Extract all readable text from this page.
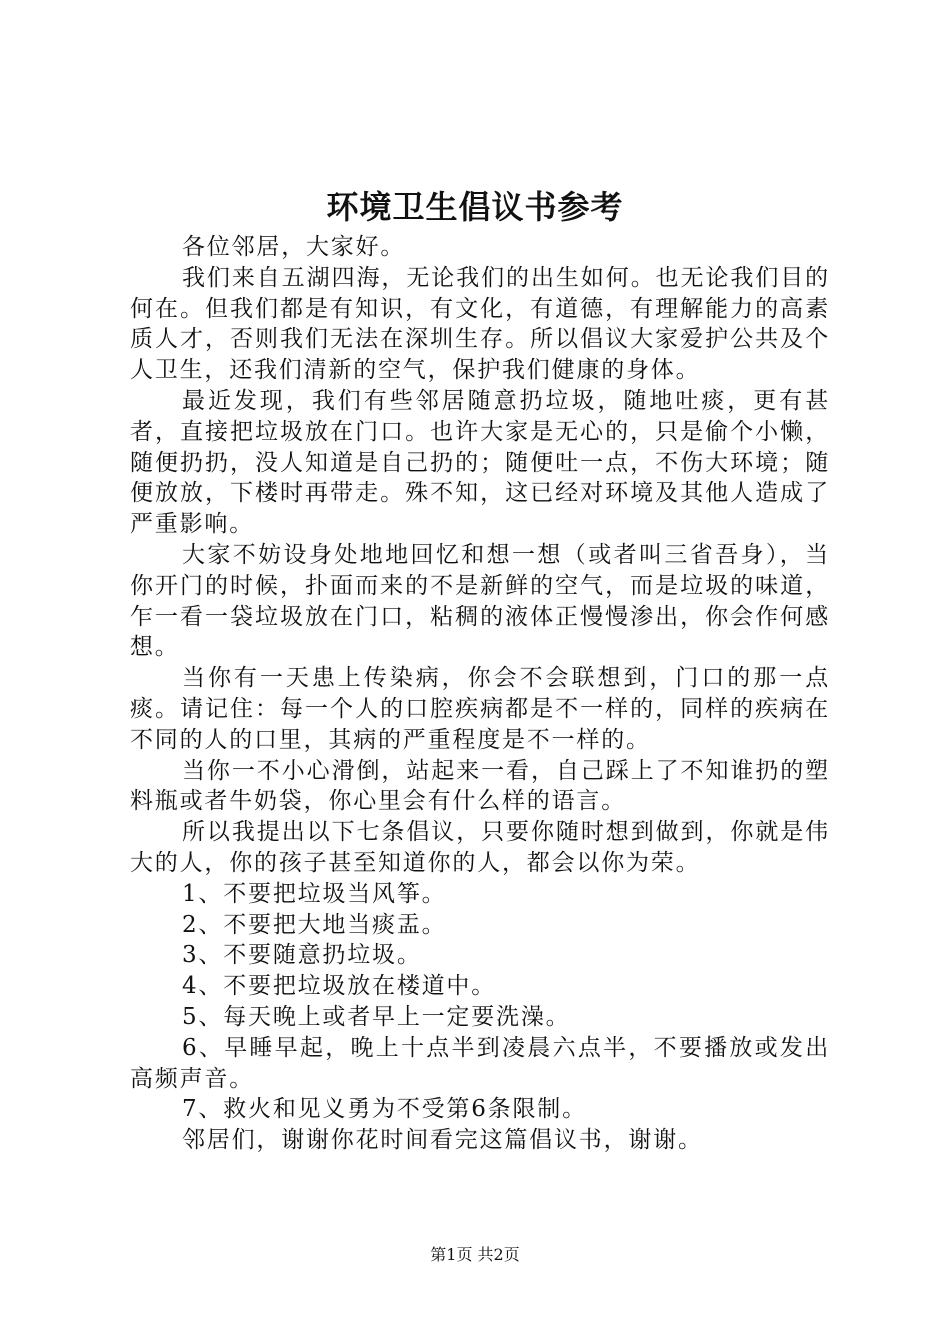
环境卫生倡议书参考

各位邻居，大家好。

我们来自五湖四海，无论我们的出生如何。也无论我们目的何在。但我们都是有知识，有文化，有道德，有理解能力的高素质人才，否则我们无法在深圳生存。所以倡议大家爱护公共及个人卫生，还我们清新的空气，保护我们健康的身体。

最近发现，我们有些邻居随意扔垃圾，随地吐痰，更有甚者，直接把垃圾放在门口。也许大家是无心的，只是偷个小懒，随便扔扔，没人知道是自己扔的；随便吐一点，不伤大环境；随便放放，下楼时再带走。殊不知，这已经对环境及其他人造成了严重影响。

大家不妨设身处地地回忆和想一想（或者叫三省吾身），当你开门的时候，扑面而来的不是新鲜的空气，而是垃圾的味道，乍一看一袋垃圾放在门口，粘稠的液体正慢慢渗出，你会作何感想。

当你有一天患上传染病，你会不会联想到，门口的那一点痰。请记住：每一个人的口腔疾病都是不一样的，同样的疾病在不同的人的口里，其病的严重程度是不一样的。

当你一不小心滑倒，站起来一看，自己踩上了不知谁扔的塑料瓶或者牛奶袋，你心里会有什么样的语言。

所以我提出以下七条倡议，只要你随时想到做到，你就是伟大的人，你的孩子甚至知道你的人，都会以你为荣。

1、不要把垃圾当风筝。

2、不要把大地当痰盂。

3、不要随意扔垃圾。

4、不要把垃圾放在楼道中。

5、每天晚上或者早上一定要洗澡。

6、早睡早起，晚上十点半到凌晨六点半，不要播放或发出高频声音。

7、救火和见义勇为不受第6条限制。

邻居们，谢谢你花时间看完这篇倡议书，谢谢。

第1页 共2页
